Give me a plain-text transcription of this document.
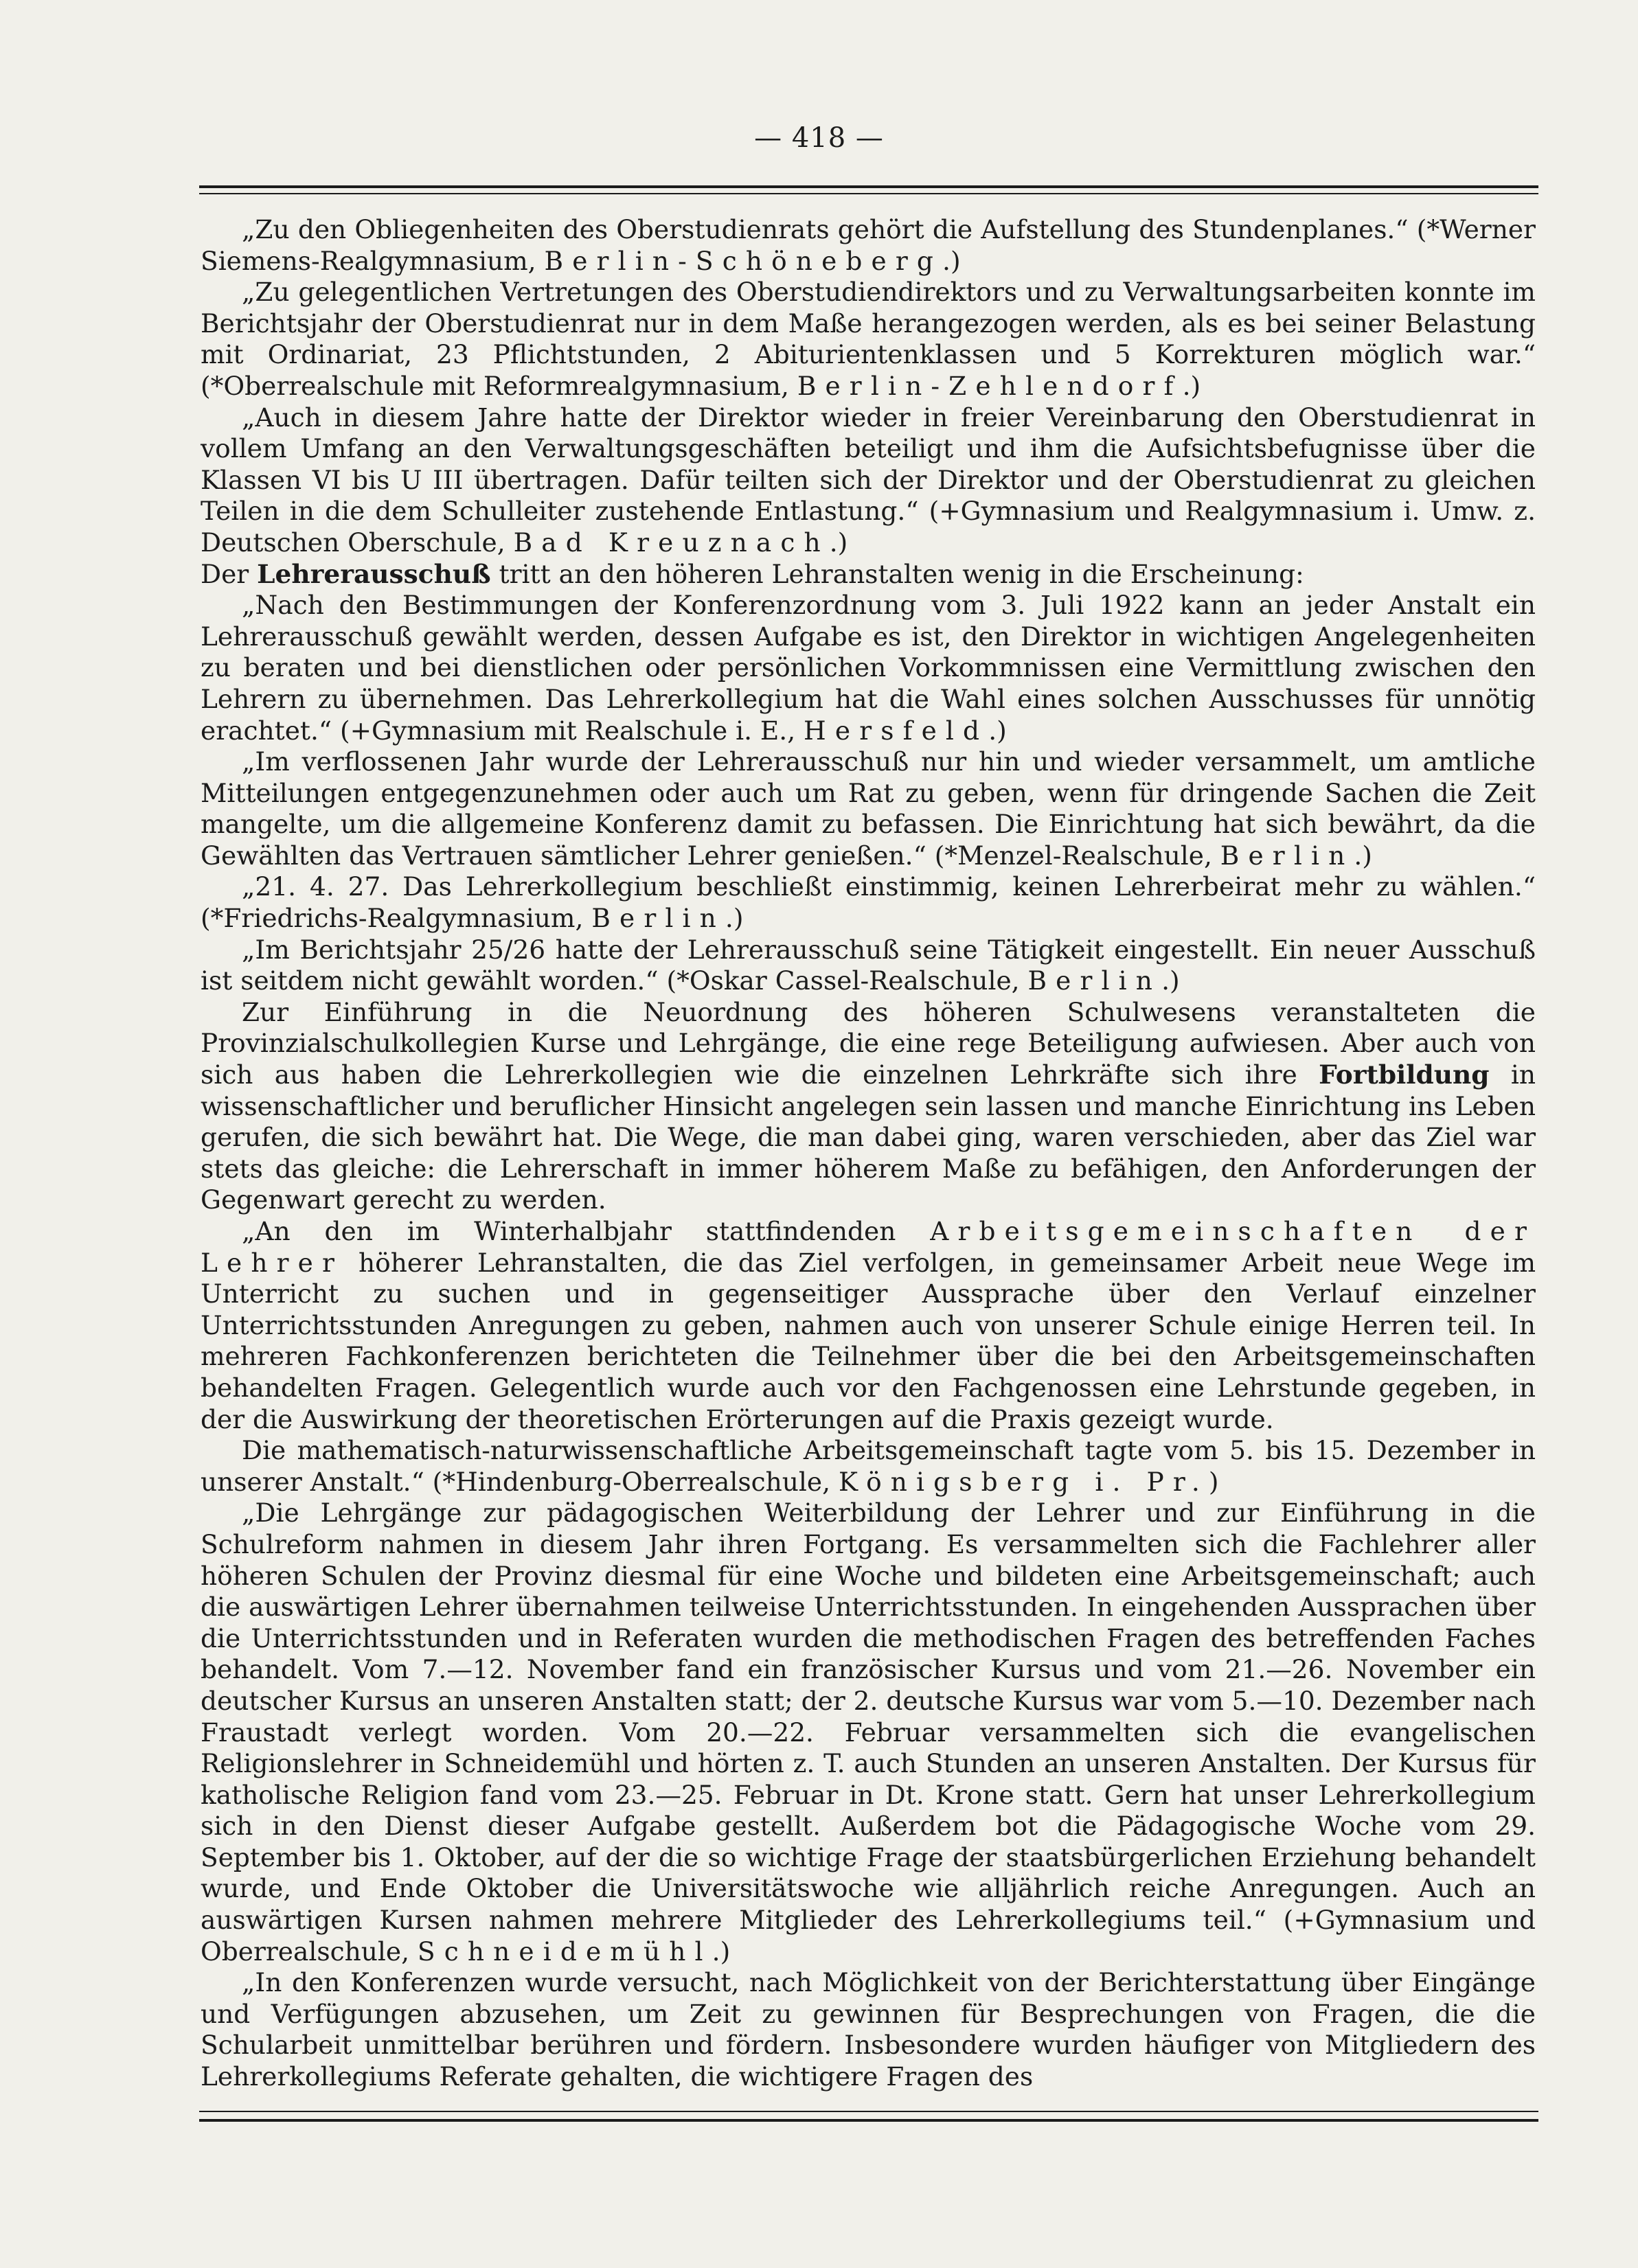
— 418 —

„Zu den Obliegenheiten des Oberstudienrats gehört die Aufstellung des Stundenplanes.“ (*Werner Siemens-Realgymnasium, Berlin-Schöneberg.)

„Zu gelegentlichen Vertretungen des Oberstudiendirektors und zu Verwaltungsarbeiten konnte im Berichtsjahr der Oberstudienrat nur in dem Maße herangezogen werden, als es bei seiner Belastung mit Ordinariat, 23 Pflichtstunden, 2 Abiturientenklassen und 5 Korrekturen möglich war.“ (*Oberrealschule mit Reformrealgymnasium, Berlin-Zehlendorf.)

„Auch in diesem Jahre hatte der Direktor wieder in freier Vereinbarung den Oberstudienrat in vollem Umfang an den Verwaltungsgeschäften beteiligt und ihm die Aufsichtsbefugnisse über die Klassen VI bis U III übertragen. Dafür teilten sich der Direktor und der Oberstudienrat zu gleichen Teilen in die dem Schulleiter zustehende Entlastung.“ (+Gymnasium und Realgymnasium i. Umw. z. Deutschen Oberschule, Bad Kreuznach.)

Der Lehrerausschuß tritt an den höheren Lehranstalten wenig in die Erscheinung:

„Nach den Bestimmungen der Konferenzordnung vom 3. Juli 1922 kann an jeder Anstalt ein Lehrerausschuß gewählt werden, dessen Aufgabe es ist, den Direktor in wichtigen Angelegenheiten zu beraten und bei dienstlichen oder persönlichen Vorkommnissen eine Vermittlung zwischen den Lehrern zu übernehmen. Das Lehrerkollegium hat die Wahl eines solchen Ausschusses für unnötig erachtet.“ (+Gymnasium mit Realschule i. E., Hersfeld.)

„Im verflossenen Jahr wurde der Lehrerausschuß nur hin und wieder versammelt, um amtliche Mitteilungen entgegenzunehmen oder auch um Rat zu geben, wenn für dringende Sachen die Zeit mangelte, um die allgemeine Konferenz damit zu befassen. Die Einrichtung hat sich bewährt, da die Gewählten das Vertrauen sämtlicher Lehrer genießen.“ (*Menzel-Realschule, Berlin.)

„21. 4. 27. Das Lehrerkollegium beschließt einstimmig, keinen Lehrerbeirat mehr zu wählen.“ (*Friedrichs-Realgymnasium, Berlin.)

„Im Berichtsjahr 25/26 hatte der Lehrerausschuß seine Tätigkeit eingestellt. Ein neuer Ausschuß ist seitdem nicht gewählt worden.“ (*Oskar Cassel-Realschule, Berlin.)

Zur Einführung in die Neuordnung des höheren Schulwesens veranstalteten die Provinzialschulkollegien Kurse und Lehrgänge, die eine rege Beteiligung aufwiesen. Aber auch von sich aus haben die Lehrerkollegien wie die einzelnen Lehrkräfte sich ihre Fortbildung in wissenschaftlicher und beruflicher Hinsicht angelegen sein lassen und manche Einrichtung ins Leben gerufen, die sich bewährt hat. Die Wege, die man dabei ging, waren verschieden, aber das Ziel war stets das gleiche: die Lehrerschaft in immer höherem Maße zu befähigen, den Anforderungen der Gegenwart gerecht zu werden.

„An den im Winterhalbjahr stattfindenden Arbeitsgemeinschaften der Lehrer höherer Lehranstalten, die das Ziel verfolgen, in gemeinsamer Arbeit neue Wege im Unterricht zu suchen und in gegenseitiger Aussprache über den Verlauf einzelner Unterrichtsstunden Anregungen zu geben, nahmen auch von unserer Schule einige Herren teil. In mehreren Fachkonferenzen berichteten die Teilnehmer über die bei den Arbeitsgemeinschaften behandelten Fragen. Gelegentlich wurde auch vor den Fachgenossen eine Lehrstunde gegeben, in der die Auswirkung der theoretischen Erörterungen auf die Praxis gezeigt wurde.

Die mathematisch-naturwissenschaftliche Arbeitsgemeinschaft tagte vom 5. bis 15. Dezember in unserer Anstalt.“ (*Hindenburg-Oberrealschule, Königsberg i. Pr.)

„Die Lehrgänge zur pädagogischen Weiterbildung der Lehrer und zur Einführung in die Schulreform nahmen in diesem Jahr ihren Fortgang. Es versammelten sich die Fachlehrer aller höheren Schulen der Provinz diesmal für eine Woche und bildeten eine Arbeitsgemeinschaft; auch die auswärtigen Lehrer übernahmen teilweise Unterrichtsstunden. In eingehenden Aussprachen über die Unterrichtsstunden und in Referaten wurden die methodischen Fragen des betreffenden Faches behandelt. Vom 7.—12. November fand ein französischer Kursus und vom 21.—26. November ein deutscher Kursus an unseren Anstalten statt; der 2. deutsche Kursus war vom 5.—10. Dezember nach Fraustadt verlegt worden. Vom 20.—22. Februar versammelten sich die evangelischen Religionslehrer in Schneidemühl und hörten z. T. auch Stunden an unseren Anstalten. Der Kursus für katholische Religion fand vom 23.—25. Februar in Dt. Krone statt. Gern hat unser Lehrerkollegium sich in den Dienst dieser Aufgabe gestellt. Außerdem bot die Pädagogische Woche vom 29. September bis 1. Oktober, auf der die so wichtige Frage der staatsbürgerlichen Erziehung behandelt wurde, und Ende Oktober die Universitätswoche wie alljährlich reiche Anregungen. Auch an auswärtigen Kursen nahmen mehrere Mitglieder des Lehrerkollegiums teil.“ (+Gymnasium und Oberrealschule, Schneidemühl.)

„In den Konferenzen wurde versucht, nach Möglichkeit von der Berichterstattung über Eingänge und Verfügungen abzusehen, um Zeit zu gewinnen für Besprechungen von Fragen, die die Schularbeit unmittelbar berühren und fördern. Insbesondere wurden häufiger von Mitgliedern des Lehrerkollegiums Referate gehalten, die wichtigere Fragen des
